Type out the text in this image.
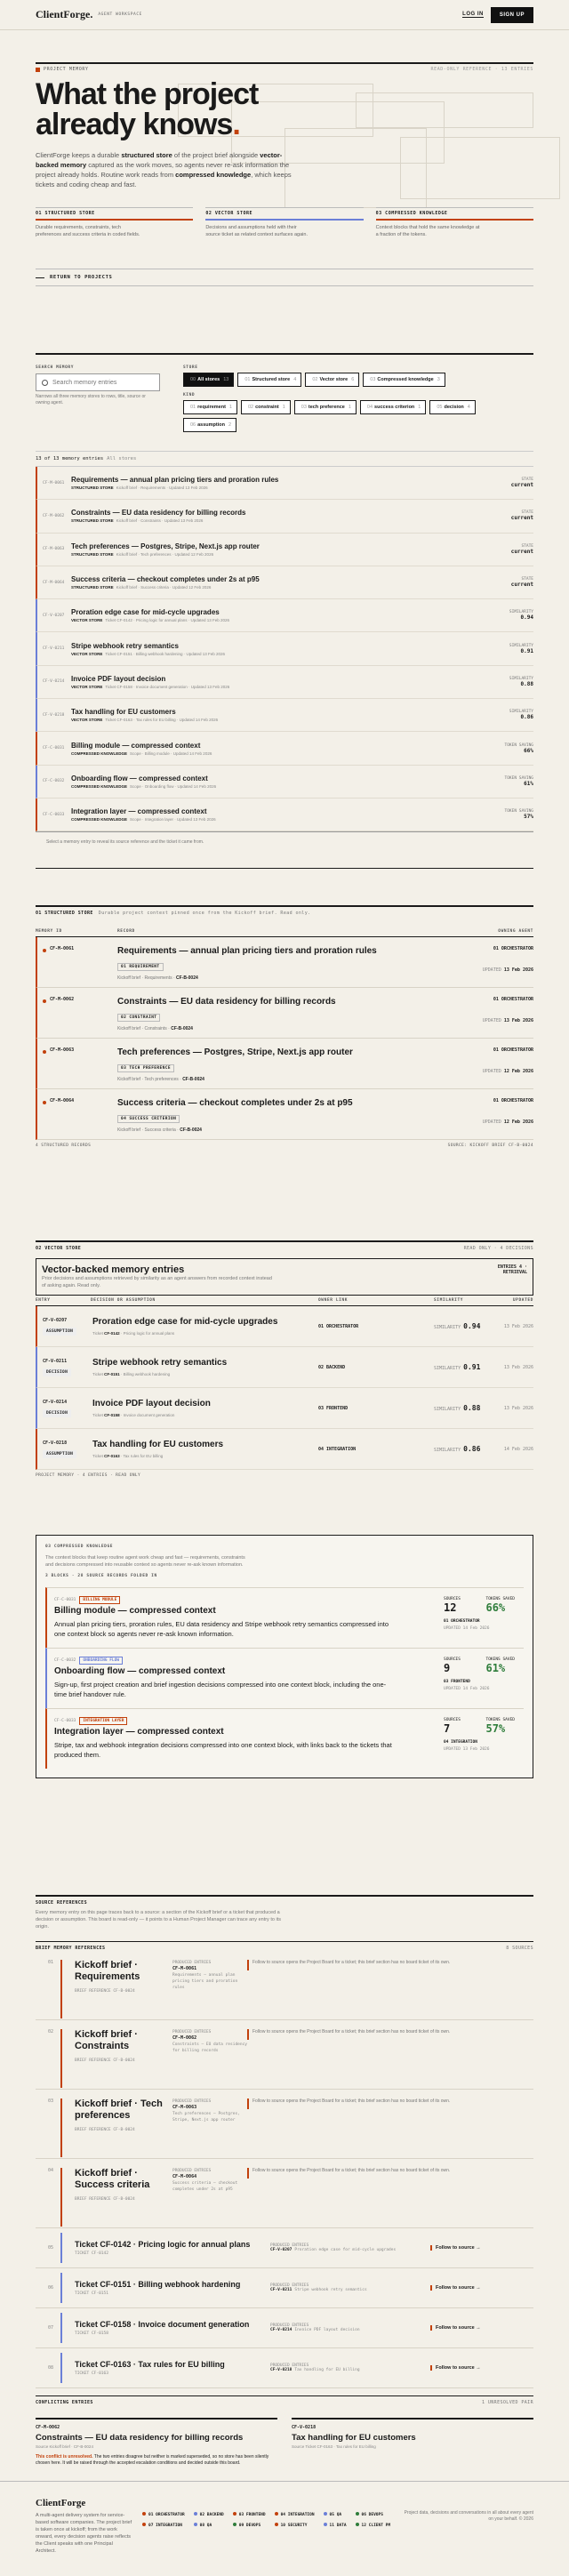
ClientForge. AGENT WORKSPACE	LOG IN	SIGN UP
PROJECT MEMORY	READ-ONLY REFERENCE · 13 ENTRIES
What the project
already knows.

ClientForge keeps a durable structured store of the project brief alongside vector-backed memory captured as the work moves, so agents never re-ask information the project already holds. Routine work reads from compressed knowledge, which keeps tickets and coding cheap and fast.

01 STRUCTURED STORE
Durable requirements, constraints, tech preferences and success criteria in coded fields.
02 VECTOR STORE
Decisions and assumptions held with their source ticket as related context surfaces again.
03 COMPRESSED KNOWLEDGE
Context blocks that hold the same knowledge at a fraction of the tokens.
RETURN TO PROJECTS
SEARCH MEMORY
Search memory entries
Narrows all three memory stores to rows, title, source or owning agent.
STORE
00 All stores 13	01 Structured store 4	02 Vector store 6	03 Compressed knowledge 3
KIND
01 requirement 1	02 constraint 1	03 tech preference 1	04 success criterion 1	05 decision 4
06 assumption 2
13 of 13 memory entries All stores
CF-M-0061 Requirements — annual plan pricing tiers and proration rules
STRUCTURED STORE Kickoff brief · Requirements · Updated 13 Feb 2026
STATE
current
CF-M-0062 Constraints — EU data residency for billing records
STRUCTURED STORE Kickoff brief · Constraints · Updated 13 Feb 2026
STATE
current
CF-M-0063 Tech preferences — Postgres, Stripe, Next.js app router
STRUCTURED STORE Kickoff brief · Tech preferences · Updated 12 Feb 2026
STATE
current
CF-M-0064 Success criteria — checkout completes under 2s at p95
STRUCTURED STORE Kickoff brief · Success criteria · Updated 12 Feb 2026
STATE
current
CF-V-0207 Proration edge case for mid-cycle upgrades
VECTOR STORE Ticket CF-0142 · Pricing logic for annual plans · Updated 13 Feb 2026
SIMILARITY
0.94
CF-V-0211 Stripe webhook retry semantics
VECTOR STORE Ticket CF-0151 · Billing webhook hardening · Updated 13 Feb 2026
SIMILARITY
0.91
CF-V-0214 Invoice PDF layout decision
VECTOR STORE Ticket CF-0158 · Invoice document generation · Updated 13 Feb 2026
SIMILARITY
0.88
CF-V-0218 Tax handling for EU customers
VECTOR STORE Ticket CF-0163 · Tax rules for EU billing · Updated 14 Feb 2026
SIMILARITY
0.86
CF-C-0031 Billing module — compressed context
COMPRESSED KNOWLEDGE Scope · Billing module · Updated 14 Feb 2026
TOKEN SAVING
66%
CF-C-0032 Onboarding flow — compressed context
COMPRESSED KNOWLEDGE Scope · Onboarding flow · Updated 14 Feb 2026
TOKEN SAVING
61%
CF-C-0033 Integration layer — compressed context
COMPRESSED KNOWLEDGE Scope · Integration layer · Updated 13 Feb 2026
TOKEN SAVING
57%
Select a memory entry to reveal its source reference and the ticket it came from.
01 STRUCTURED STORE Durable project context pinned once from the Kickoff brief. Read only.
MEMORY ID	RECORD	OWNING AGENT
CF-M-0061	Requirements — annual plan pricing tiers and proration rules
01 REQUIREMENT
Kickoff brief · Requirements · CF-B-0024
01 ORCHESTRATOR
UPDATED 13 Feb 2026
CF-M-0062	Constraints — EU data residency for billing records
02 CONSTRAINT
Kickoff brief · Constraints · CF-B-0024
01 ORCHESTRATOR
UPDATED 13 Feb 2026
CF-M-0063	Tech preferences — Postgres, Stripe, Next.js app router
03 TECH PREFERENCE
Kickoff brief · Tech preferences · CF-B-0024
01 ORCHESTRATOR
UPDATED 12 Feb 2026
CF-M-0064	Success criteria — checkout completes under 2s at p95
04 SUCCESS CRITERION
Kickoff brief · Success criteria · CF-B-0024
01 ORCHESTRATOR
UPDATED 12 Feb 2026
4 STRUCTURED RECORDS	SOURCE: KICKOFF BRIEF CF-B-0024
02 VECTOR STORE	READ ONLY · 4 DECISIONS
Vector-backed memory entries
Prior decisions and assumptions retrieved by similarity as an agent answers from recorded context instead of asking again. Read only.
ENTRIES 4 · RETRIEVAL
ENTRY	DECISION OR ASSUMPTION	OWNER LINK	SIMILARITY	UPDATED
CF-V-0207
ASSUMPTION
Proration edge case for mid-cycle upgrades
Ticket CF-0142 · Pricing logic for annual plans
01 ORCHESTRATOR	SIMILARITY 0.94	13 Feb 2026
CF-V-0211
DECISION
Stripe webhook retry semantics
Ticket CF-0151 · Billing webhook hardening
02 BACKEND	SIMILARITY 0.91	13 Feb 2026
CF-V-0214
DECISION
Invoice PDF layout decision
Ticket CF-0158 · Invoice document generation
03 FRONTEND	SIMILARITY 0.88	13 Feb 2026
CF-V-0218
ASSUMPTION
Tax handling for EU customers
Ticket CF-0163 · Tax rules for EU billing
04 INTEGRATION	SIMILARITY 0.86	14 Feb 2026
PROJECT MEMORY · 4 ENTRIES · READ ONLY
03 COMPRESSED KNOWLEDGE
The context blocks that keep routine agent work cheap and fast — requirements, constraints and decisions compressed into reusable context so agents never re-ask known information.
3 BLOCKS · 28 SOURCE RECORDS FOLDED IN
CF-C-0031 BILLING MODULE
Billing module — compressed context
Annual plan pricing tiers, proration rules, EU data residency and Stripe webhook retry semantics compressed into one context block so agents never re-ask known information.
SOURCES
12
TOKENS SAVED
66%
01 ORCHESTRATOR
UPDATED 14 Feb 2026
CF-C-0032 ONBOARDING FLOW
Onboarding flow — compressed context
Sign-up, first project creation and brief ingestion decisions compressed into one context block, including the one-time brief handover rule.
SOURCES
9
TOKENS SAVED
61%
03 FRONTEND
UPDATED 14 Feb 2026
CF-C-0033 INTEGRATION LAYER
Integration layer — compressed context
Stripe, tax and webhook integration decisions compressed into one context block, with links back to the tickets that produced them.
SOURCES
7
TOKENS SAVED
57%
04 INTEGRATION
UPDATED 13 Feb 2026
SOURCE REFERENCES
Every memory entry on this page traces back to a source: a section of the Kickoff brief or a ticket that produced a decision or assumption. This board is read-only — it points to a Human Project Manager can trace any entry to its origin.
BRIEF MEMORY REFERENCES	8 SOURCES
01	Kickoff brief · Requirements
BRIEF REFERENCE CF-B-0024
PRODUCED ENTRIES
CF-M-0061
Requirements — annual plan pricing tiers and proration rules
Follow to source opens the Project Board for a ticket; this brief section has no board ticket of its own.
02	Kickoff brief · Constraints
BRIEF REFERENCE CF-B-0024
PRODUCED ENTRIES
CF-M-0062
Constraints — EU data residency for billing records
Follow to source opens the Project Board for a ticket; this brief section has no board ticket of its own.
03	Kickoff brief · Tech preferences
BRIEF REFERENCE CF-B-0024
PRODUCED ENTRIES
CF-M-0063
Tech preferences — Postgres, Stripe, Next.js app router
Follow to source opens the Project Board for a ticket; this brief section has no board ticket of its own.
04	Kickoff brief · Success criteria
BRIEF REFERENCE CF-B-0024
PRODUCED ENTRIES
CF-M-0064
Success criteria — checkout completes under 2s at p95
Follow to source opens the Project Board for a ticket; this brief section has no board ticket of its own.
05	Ticket CF-0142 · Pricing logic for annual plans
TICKET CF-0142
PRODUCED ENTRIES
CF-V-0207 Proration edge case for mid-cycle upgrades	Follow to source →
06	Ticket CF-0151 · Billing webhook hardening
TICKET CF-0151
PRODUCED ENTRIES
CF-V-0211 Stripe webhook retry semantics	Follow to source →
07	Ticket CF-0158 · Invoice document generation
TICKET CF-0158
PRODUCED ENTRIES
CF-V-0214 Invoice PDF layout decision	Follow to source →
08	Ticket CF-0163 · Tax rules for EU billing
TICKET CF-0163
PRODUCED ENTRIES
CF-V-0218 Tax handling for EU billing	Follow to source →
CONFLICTING ENTRIES	1 UNRESOLVED PAIR
CF-M-0062
Constraints — EU data residency for billing records
Source Kickoff brief · CF-B-0024
This conflict is unresolved. The two entries disagree but neither is marked superseded, so no store has been silently chosen here. It will be raised through the accepted escalation conditions and decided outside this board.
CF-V-0218
Tax handling for EU customers
Source Ticket CF-0163 · Tax rules for EU billing
ClientForge
A multi-agent delivery system for service-based software companies. The project brief is taken once at kickoff; from the work onward, every decision agents raise reflects the Client speaks with one Principal Architect.
01 ORCHESTRATOR	02 BACKEND	03 FRONTEND	04 INTEGRATION	05 QA	06 DEVOPS
07 INTEGRATION	08 QA	09 DEVOPS	10 SECURITY	11 DATA	12 CLIENT PM
Project data, decisions and conversations in all about every agent on your behalf. © 2026
